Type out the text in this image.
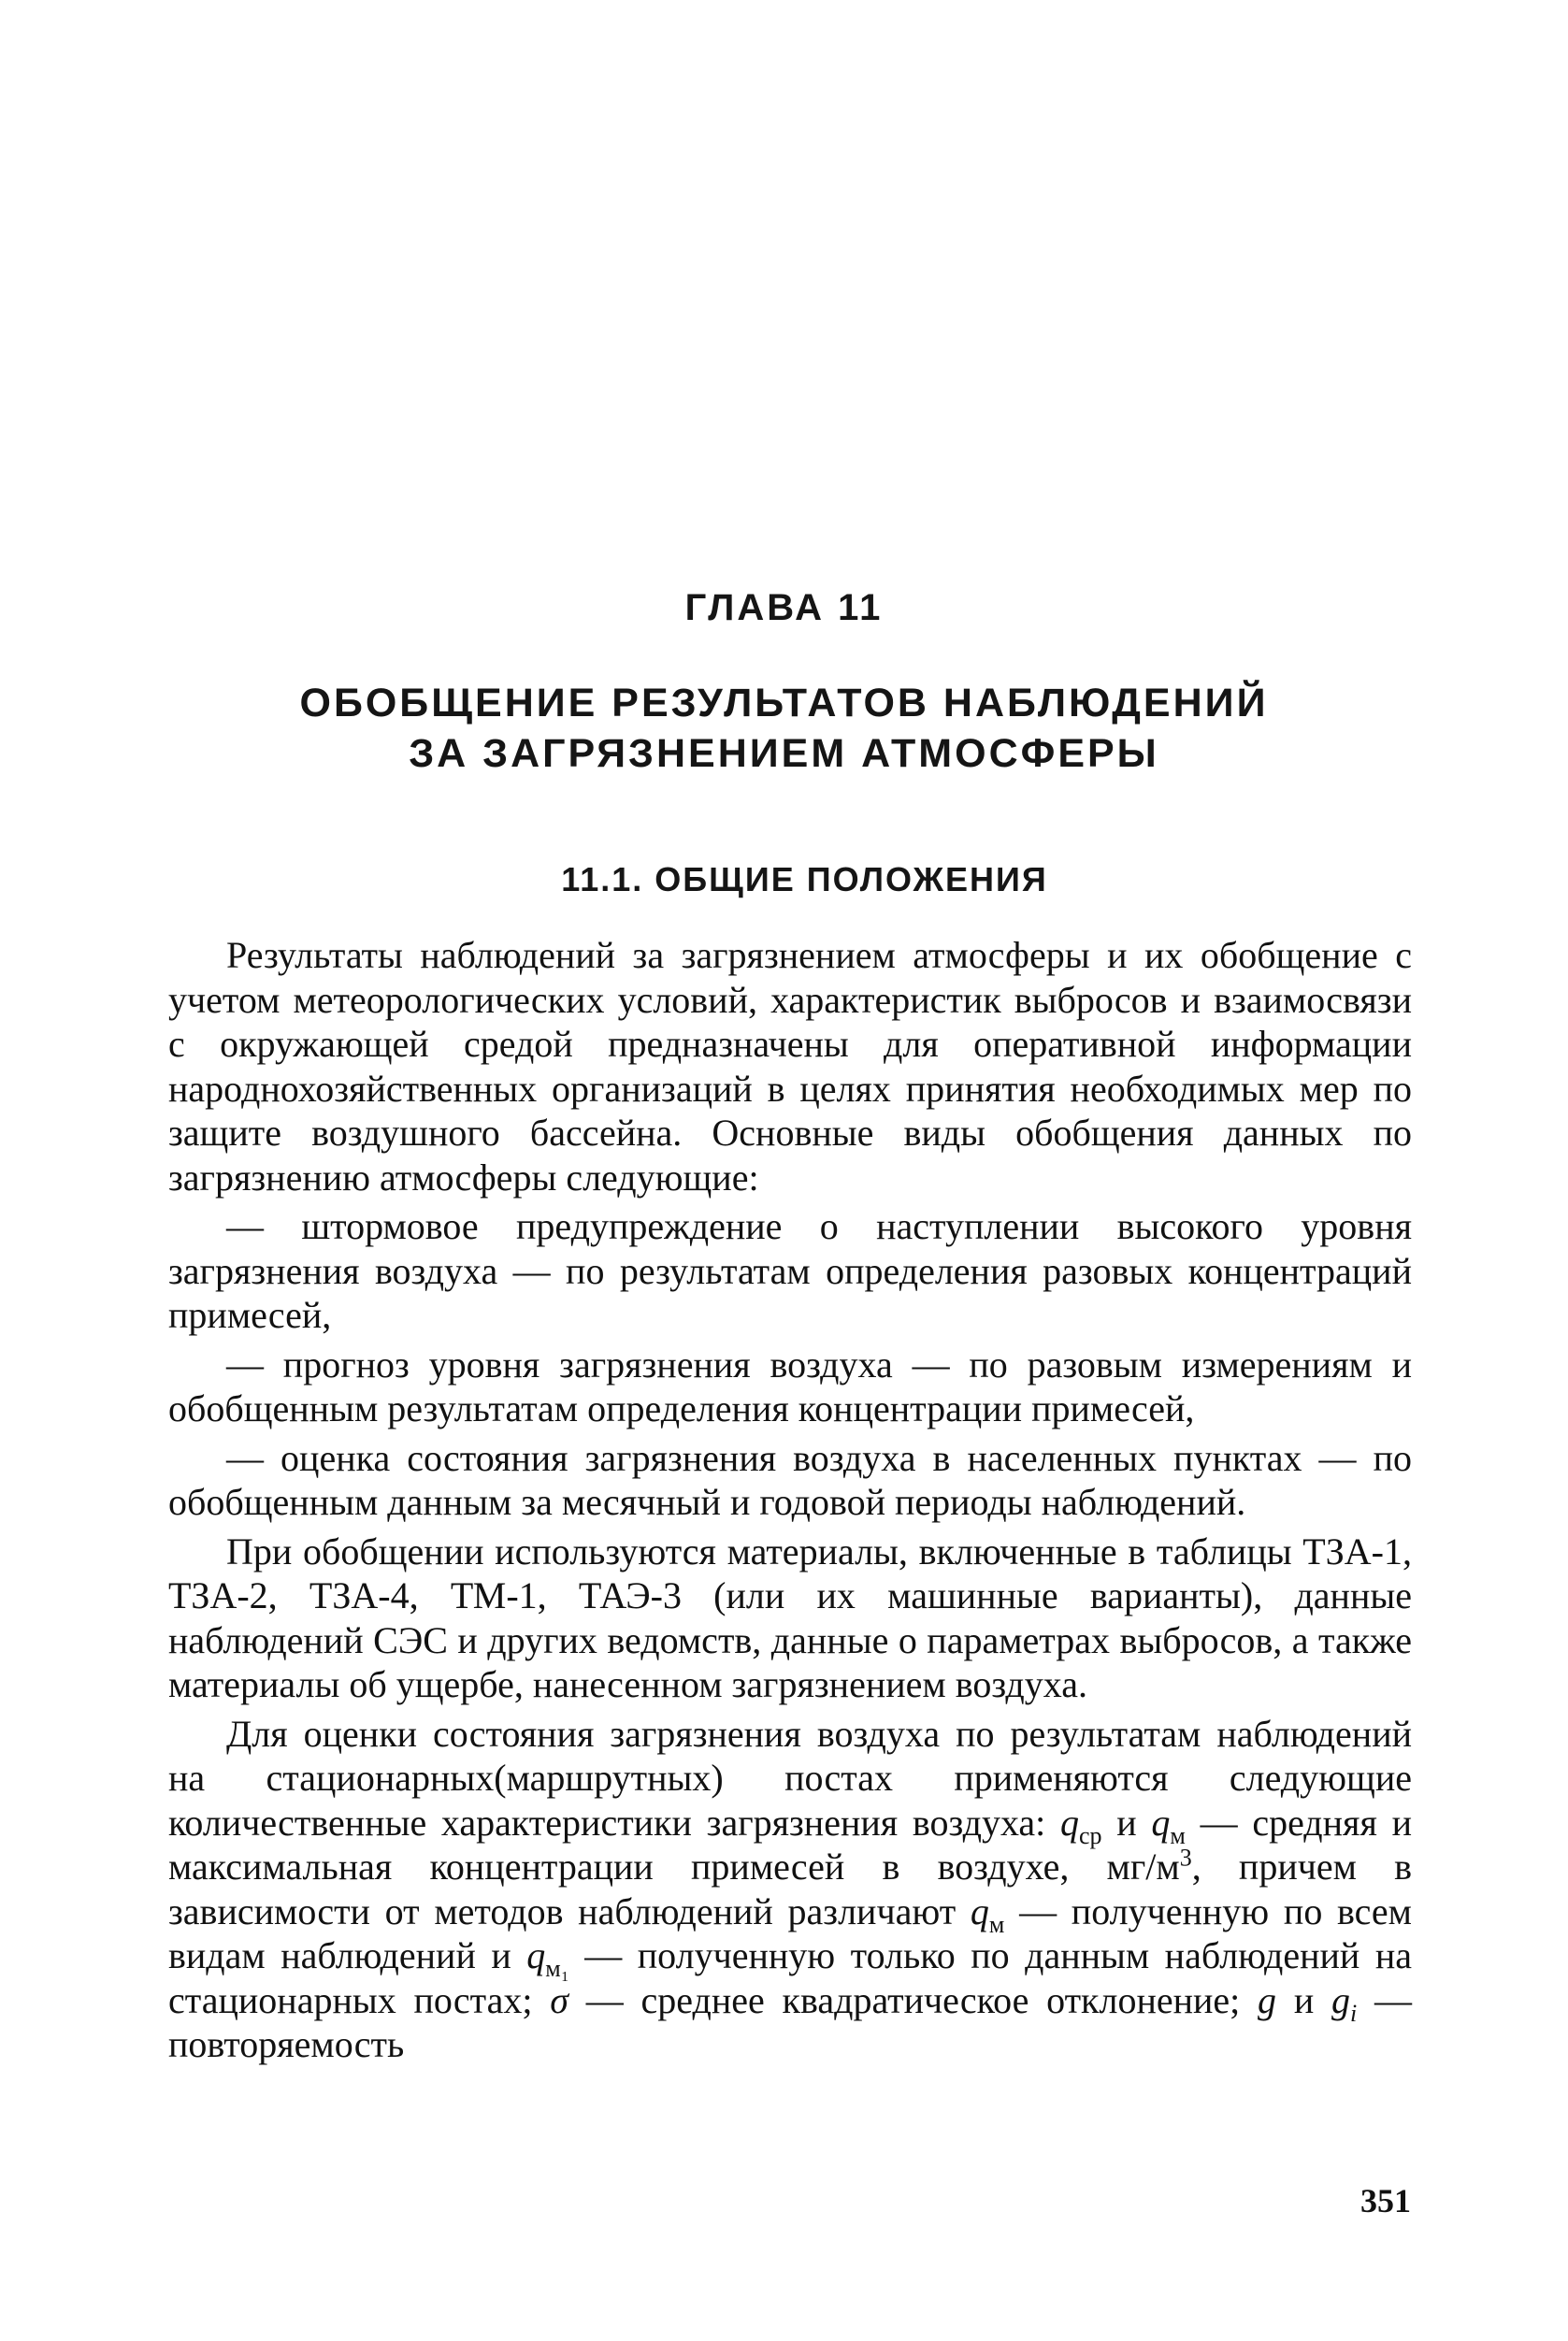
ГЛАВА 11
ОБОБЩЕНИЕ РЕЗУЛЬТАТОВ НАБЛЮДЕНИЙ
ЗА ЗАГРЯЗНЕНИЕМ АТМОСФЕРЫ
11.1. ОБЩИЕ ПОЛОЖЕНИЯ

Результаты наблюдений за загрязнением атмосферы и их обобщение с учетом метеорологических условий, характеристик выбросов и взаимосвязи с окружающей средой предназначены для оперативной информации народнохозяйственных организаций в целях принятия необходимых мер по защите воздушного бассейна. Основные виды обобщения данных по загрязнению атмосферы следующие:

— штормовое предупреждение о наступлении высокого уровня загрязнения воздуха — по результатам определения разовых концентраций примесей,

— прогноз уровня загрязнения воздуха — по разовым измерениям и обобщенным результатам определения концентрации примесей,

— оценка состояния загрязнения воздуха в населенных пунктах — по обобщенным данным за месячный и годовой периоды наблюдений.

При обобщении используются материалы, включенные в таблицы ТЗА-1, ТЗА-2, ТЗА-4, ТМ-1, ТАЭ-3 (или их машинные варианты), данные наблюдений СЭС и других ведомств, данные о параметрах выбросов, а также материалы об ущербе, нанесенном загрязнением воздуха.

Для оценки состояния загрязнения воздуха по результатам наблюдений на стационарных(маршрутных) постах применяются следующие количественные характеристики загрязнения воздуха: $q_{ср}$ и $q_м$ — средняя и максимальная концентрации примесей в воздухе, $мг/м^3$, причем в зависимости от методов наблюдений различают $q_м$ — полученную по всем видам наблюдений и $q_{м_1}$ — полученную только по данным наблюдений на стационарных постах; σ — среднее квадратическое отклонение; g и $g_i$ — повторяемость

351
